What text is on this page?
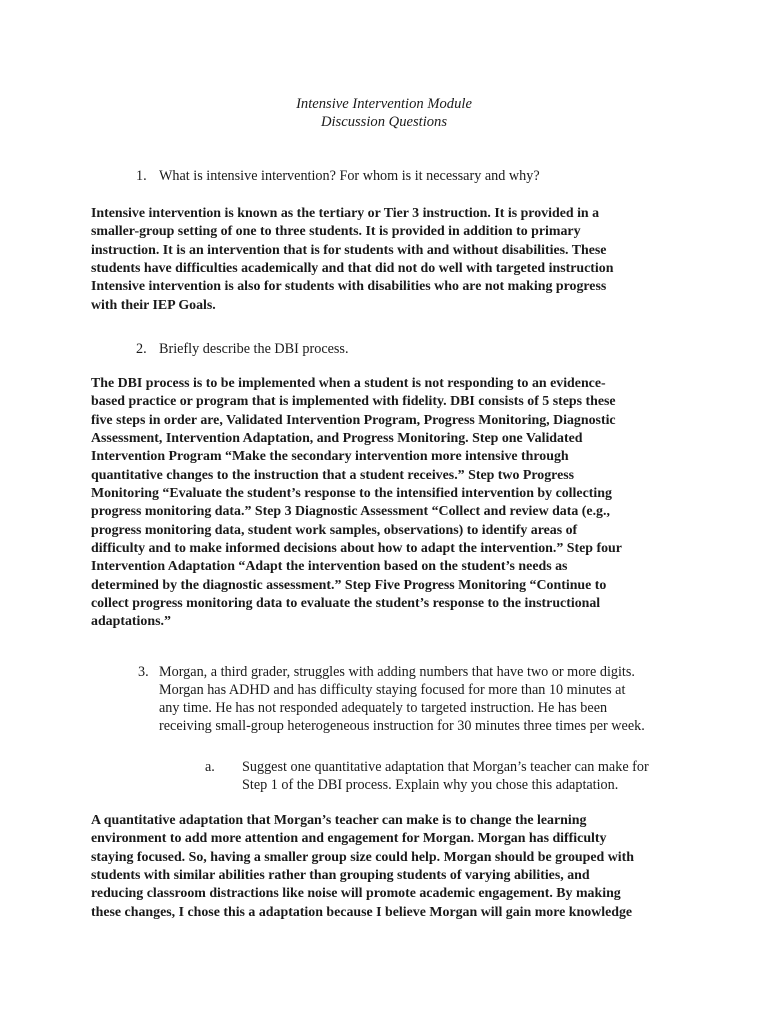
Intensive Intervention Module
Discussion Questions
1. What is intensive intervention? For whom is it necessary and why?
Intensive intervention is known as the tertiary or Tier 3 instruction. It is provided in a
smaller-group setting of one to three students. It is provided in addition to primary
instruction. It is an intervention that is for students with and without disabilities. These
students have difficulties academically and that did not do well with targeted instruction
Intensive intervention is also for students with disabilities who are not making progress
with their IEP Goals.
2. Briefly describe the DBI process.
The DBI process is to be implemented when a student is not responding to an evidence-
based practice or program that is implemented with fidelity. DBI consists of 5 steps these
five steps in order are, Validated Intervention Program, Progress Monitoring, Diagnostic
Assessment, Intervention Adaptation, and Progress Monitoring. Step one Validated
Intervention Program “Make the secondary intervention more intensive through
quantitative changes to the instruction that a student receives.” Step two Progress
Monitoring “Evaluate the student’s response to the intensified intervention by collecting
progress monitoring data.” Step 3 Diagnostic Assessment “Collect and review data (e.g.,
progress monitoring data, student work samples, observations) to identify areas of
difficulty and to make informed decisions about how to adapt the intervention.” Step four
Intervention Adaptation “Adapt the intervention based on the student’s needs as
determined by the diagnostic assessment.” Step Five Progress Monitoring “Continue to
collect progress monitoring data to evaluate the student’s response to the instructional
adaptations.”
3. Morgan, a third grader, struggles with adding numbers that have two or more digits.
Morgan has ADHD and has difficulty staying focused for more than 10 minutes at
any time. He has not responded adequately to targeted instruction. He has been
receiving small-group heterogeneous instruction for 30 minutes three times per week.
a. Suggest one quantitative adaptation that Morgan’s teacher can make for
Step 1 of the DBI process. Explain why you chose this adaptation.
A quantitative adaptation that Morgan’s teacher can make is to change the learning
environment to add more attention and engagement for Morgan. Morgan has difficulty
staying focused. So, having a smaller group size could help. Morgan should be grouped with
students with similar abilities rather than grouping students of varying abilities, and
reducing classroom distractions like noise will promote academic engagement. By making
these changes, I chose this a adaptation because I believe Morgan will gain more knowledge
